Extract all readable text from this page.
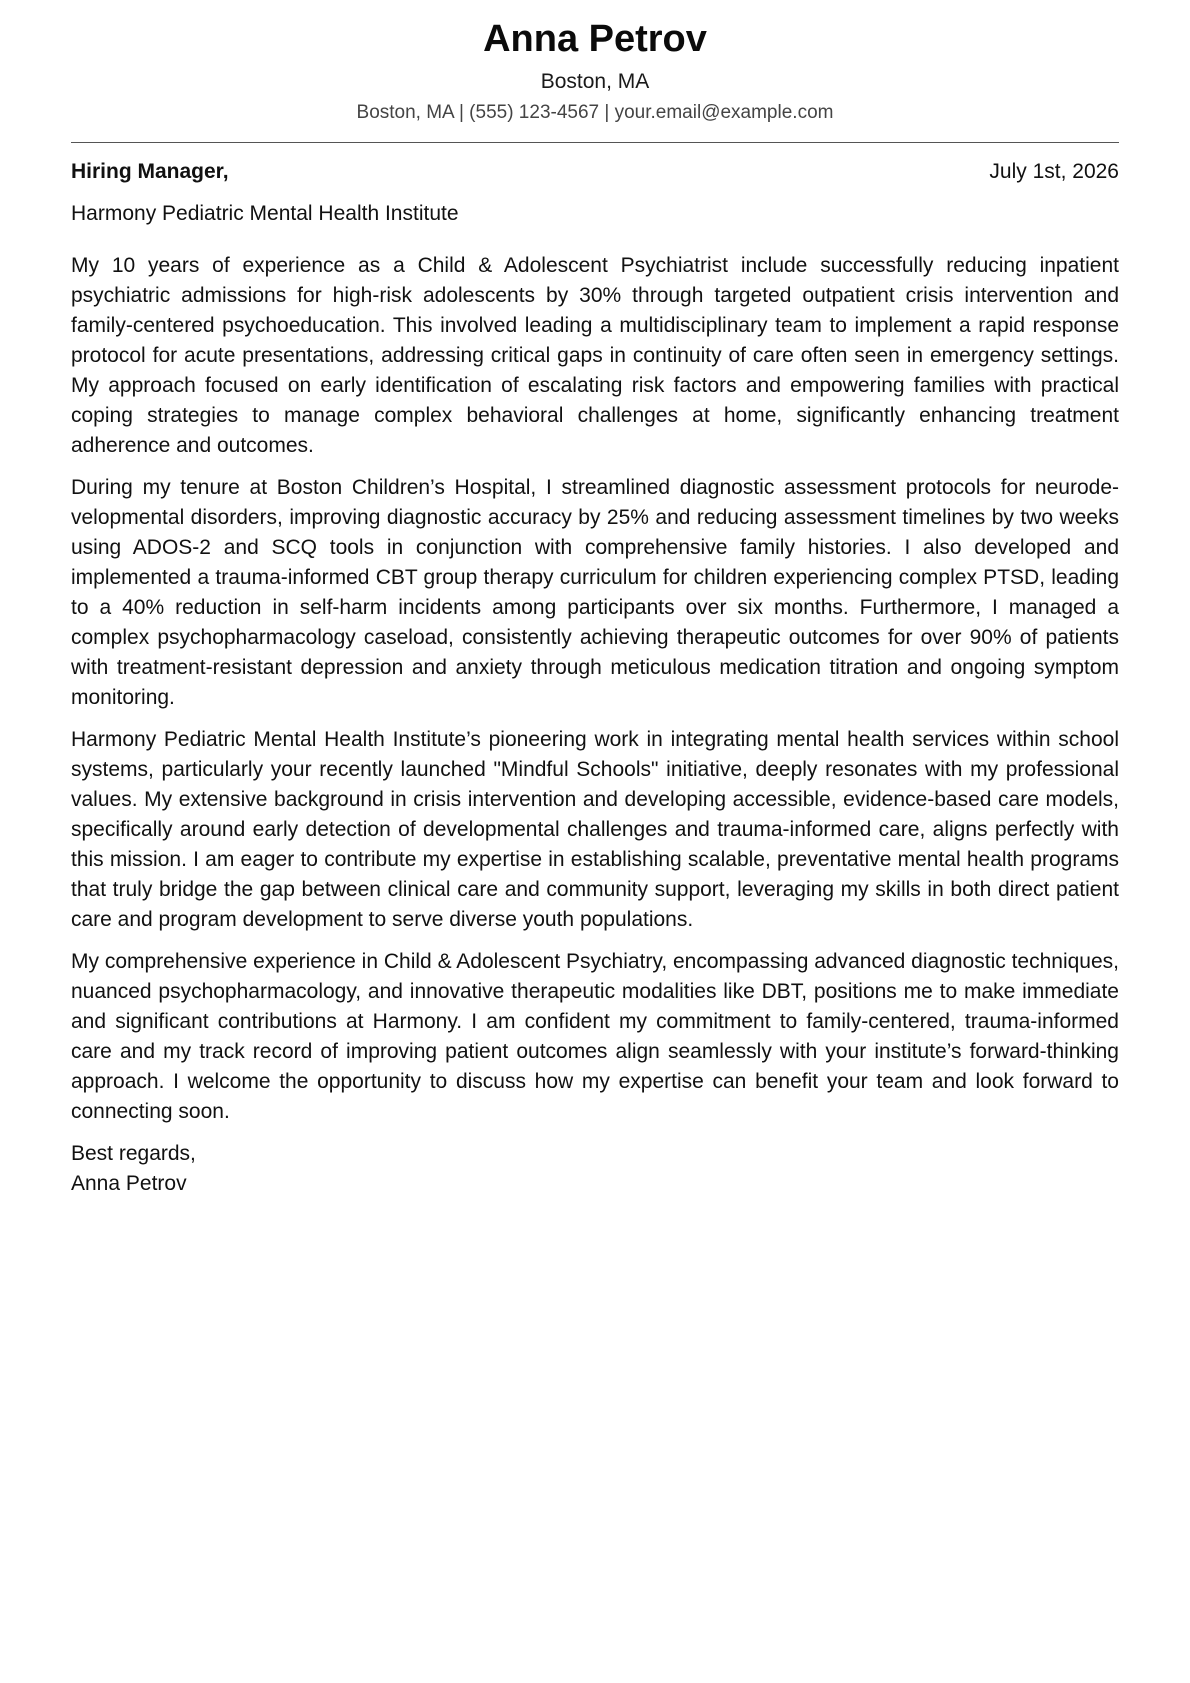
Anna Petrov
Boston, MA
Boston, MA | (555) 123-4567 | your.email@example.com
Hiring Manager,	July 1st, 2026
Harmony Pediatric Mental Health Institute

My 10 years of experience as a Child & Adolescent Psychiatrist include successfully reducing inpatient psychiatric admissions for high-risk adolescents by 30% through targeted outpatient crisis intervention and family-centered psychoeducation. This involved leading a multidisciplinary team to implement a rapid response protocol for acute presentations, addressing critical gaps in continuity of care often seen in emergency settings. My approach focused on early identification of escalating risk factors and empowering families with practical coping strategies to manage complex behavioral challenges at home, significantly enhancing treatment adherence and outcomes.

During my tenure at Boston Children’s Hospital, I streamlined diagnostic assessment protocols for neurodevelopmental disorders, improving diagnostic accuracy by 25% and reducing assessment timelines by two weeks using ADOS-2 and SCQ tools in conjunction with comprehensive family histories. I also developed and implemented a trauma-informed CBT group therapy curriculum for children experiencing complex PTSD, leading to a 40% reduction in self-harm incidents among participants over six months. Furthermore, I managed a complex psychopharmacology caseload, consistently achieving therapeutic outcomes for over 90% of patients with treatment-resistant depression and anxiety through meticulous medication titration and ongoing symptom monitoring.

Harmony Pediatric Mental Health Institute’s pioneering work in integrating mental health services within school systems, particularly your recently launched "Mindful Schools" initiative, deeply resonates with my professional values. My extensive background in crisis intervention and developing accessible, evidence-based care models, specifically around early detection of developmental challenges and trauma-informed care, aligns perfectly with this mission. I am eager to contribute my expertise in establishing scalable, preventative mental health programs that truly bridge the gap between clinical care and community support, leveraging my skills in both direct patient care and program development to serve diverse youth populations.

My comprehensive experience in Child & Adolescent Psychiatry, encompassing advanced diagnostic techniques, nuanced psychopharmacology, and innovative therapeutic modalities like DBT, positions me to make immediate and significant contributions at Harmony. I am confident my commitment to family-centered, trauma-informed care and my track record of improving patient outcomes align seamlessly with your institute’s forward-thinking approach. I welcome the opportunity to discuss how my expertise can benefit your team and look forward to connecting soon.

Best regards,
Anna Petrov
